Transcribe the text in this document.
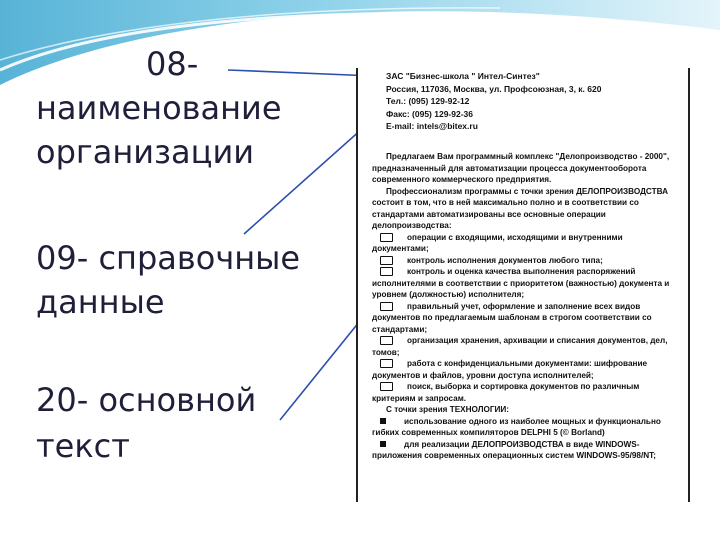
08-
наименование
организации
09- справочные
данные
20- основной
текст
ЗАС "Бизнес-школа " Интел-Синтез"
Россия, 117036, Москва, ул. Профсоюзная, 3, к. 620
Тел.: (095) 129-92-12
Факс: (095) 129-92-36
E-mail: intels@bitex.ru

Предлагаем Вам программный комплекс "Делопроизводство - 2000", предназначенный для автоматизации процесса документооборота современного коммерческого предприятия.

Профессионализм программы с точки зрения ДЕЛОПРОИЗВОДСТВА состоит в том, что в ней максимально полно и в соответствии со стандартами автоматизированы все основные операции делопроизводства:

операции с входящими, исходящими и внутренними документами;

контроль исполнения документов любого типа;

контроль и оценка качества выполнения распоряжений исполнителями в соответствии с приоритетом (важностью) документа и уровнем (должностью) исполнителя;

правильный учет, оформление и заполнение всех видов документов по предлагаемым шаблонам в строгом соответствии со стандартами;

организация хранения, архивации и списания документов, дел, томов;

работа с конфиденциальными документами: шифрование документов и файлов, уровни доступа исполнителей;

поиск, выборка и сортировка документов по различным критериям и запросам.

С точки зрения ТЕХНОЛОГИИ:

использование одного из наиболее мощных и функционально гибких современных компиляторов DELPHI 5 (© Borland)

для реализации ДЕЛОПРОИЗВОДСТВА в виде WINDOWS-приложения современных операционных систем WINDOWS-95/98/NT;
